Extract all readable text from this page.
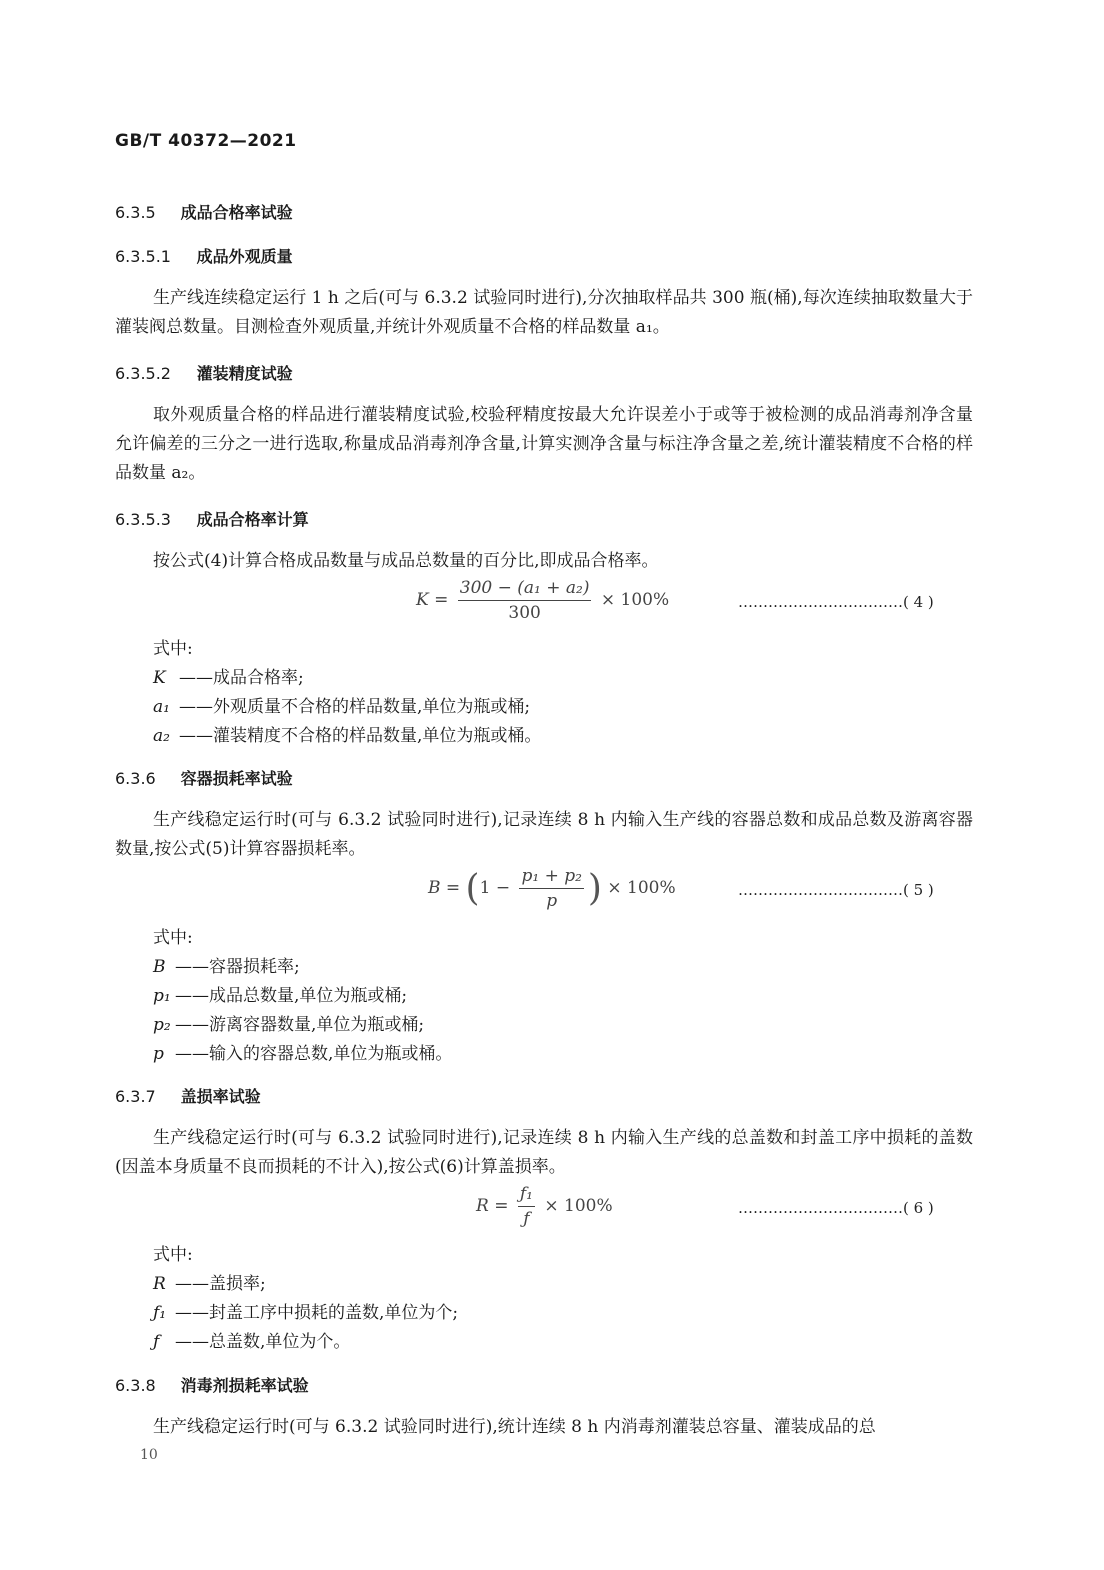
GB/T 40372—2021
6.3.5 成品合格率试验
6.3.5.1 成品外观质量
生产线连续稳定运行 1 h 之后(可与 6.3.2 试验同时进行),分次抽取样品共 300 瓶(桶),每次连续抽取数量大于灌装阀总数量。目测检查外观质量,并统计外观质量不合格的样品数量 a₁。
6.3.5.2 灌装精度试验
取外观质量合格的样品进行灌装精度试验,校验秤精度按最大允许误差小于或等于被检测的成品消毒剂净含量允许偏差的三分之一进行选取,称量成品消毒剂净含量,计算实测净含量与标注净含量之差,统计灌装精度不合格的样品数量 a₂。
6.3.5.3 成品合格率计算
按公式(4)计算合格成品数量与成品总数量的百分比,即成品合格率。
$K = \frac{\text{300 − (a₁ + a₂)}}{300} \times 100\%$	……………………………( 4 )
式中:
K ——成品合格率;
a₁ ——外观质量不合格的样品数量,单位为瓶或桶;
a₂ ——灌装精度不合格的样品数量,单位为瓶或桶。
6.3.6 容器损耗率试验
生产线稳定运行时(可与 6.3.2 试验同时进行),记录连续 8 h 内输入生产线的容器总数和成品总数及游离容器数量,按公式(5)计算容器损耗率。
$B = (1 - \frac{\text{p₁ + p₂}}{p}$ ) × 100%	……………………………( 5 )
式中:
B ——容器损耗率;
p₁ ——成品总数量,单位为瓶或桶;
p₂ ——游离容器数量,单位为瓶或桶;
p ——输入的容器总数,单位为瓶或桶。
6.3.7 盖损率试验
生产线稳定运行时(可与 6.3.2 试验同时进行),记录连续 8 h 内输入生产线的总盖数和封盖工序中损耗的盖数(因盖本身质量不良而损耗的不计入),按公式(6)计算盖损率。
$R = \frac{\text{ƒ₁}}{ƒ} \times 100\%$	……………………………( 6 )
式中:
R ——盖损率;
ƒ₁ ——封盖工序中损耗的盖数,单位为个;
ƒ ——总盖数,单位为个。
6.3.8 消毒剂损耗率试验
生产线稳定运行时(可与 6.3.2 试验同时进行),统计连续 8 h 内消毒剂灌装总容量、灌装成品的总
10
